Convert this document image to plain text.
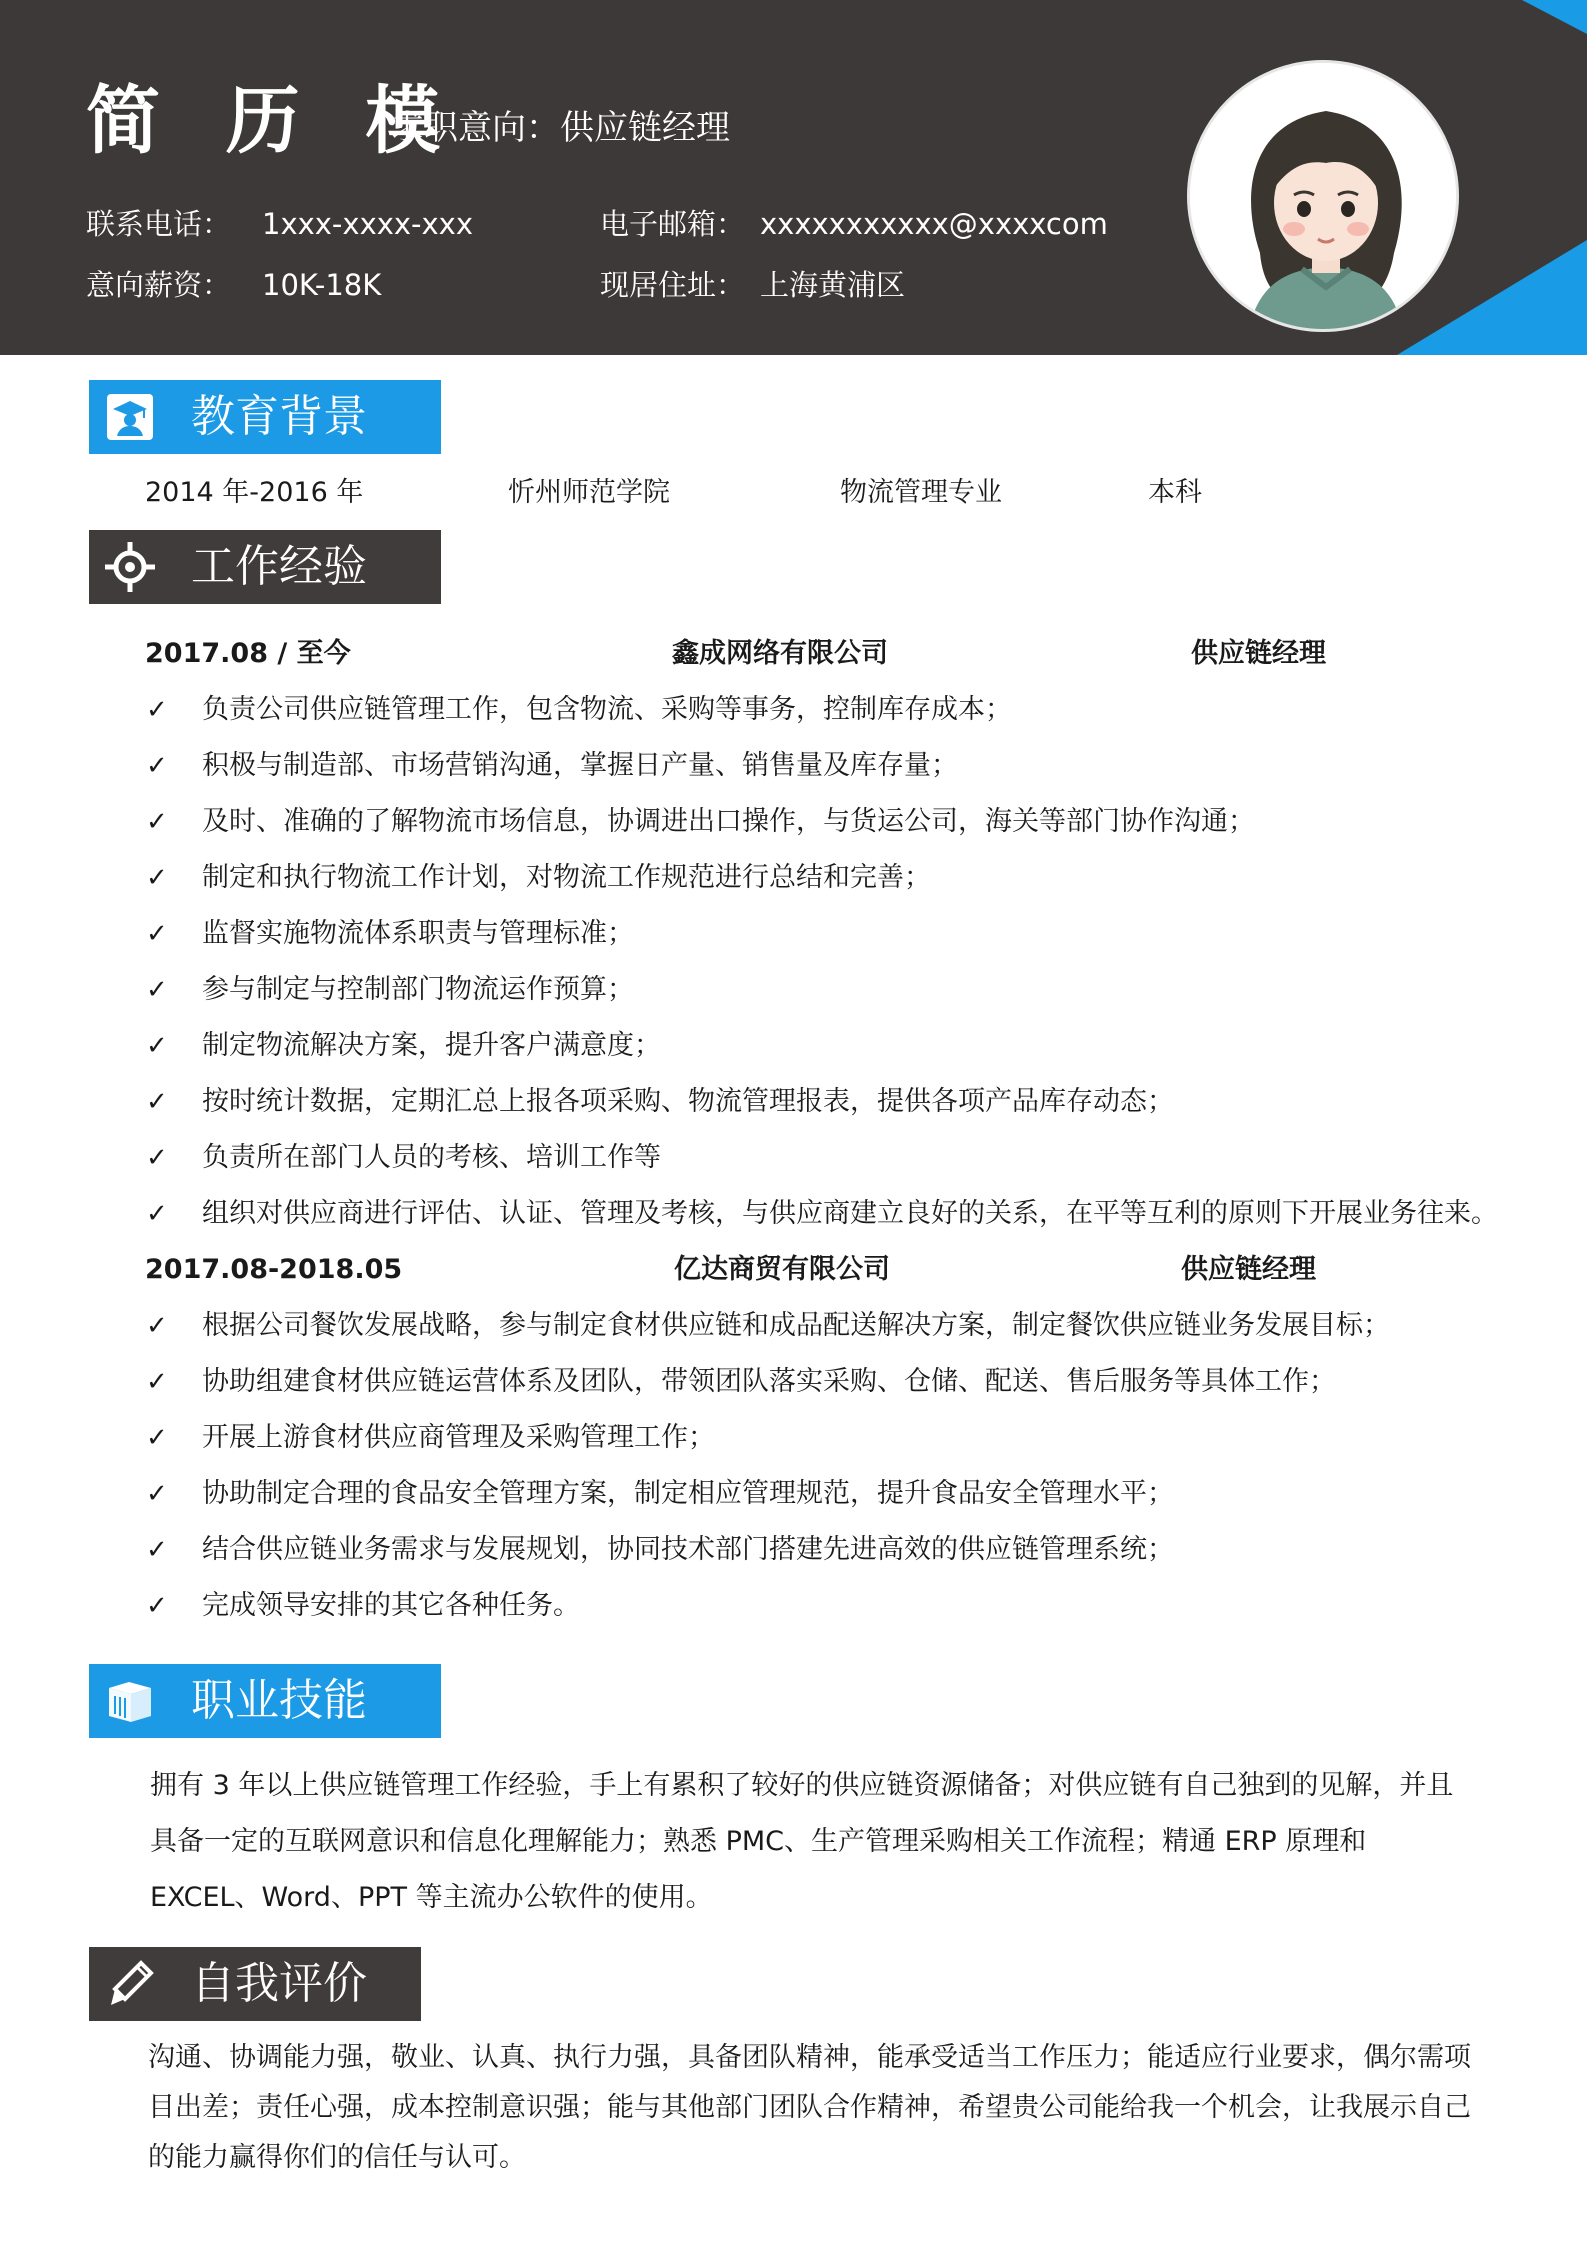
简 历 模
求职意向：供应链经理
联系电话： 1xxx-xxxx-xxx	电子邮箱： xxxxxxxxxxx@xxxxcom
意向薪资： 10K-18K	现居住址： 上海黄浦区
教育背景
2014 年-2016 年	忻州师范学院	物流管理专业	本科
工作经验
2017.08 / 至今	鑫成网络有限公司	供应链经理
✓ 负责公司供应链管理工作，包含物流、采购等事务，控制库存成本；
✓ 积极与制造部、市场营销沟通，掌握日产量、销售量及库存量；
✓ 及时、准确的了解物流市场信息，协调进出口操作，与货运公司，海关等部门协作沟通；
✓ 制定和执行物流工作计划，对物流工作规范进行总结和完善；
✓ 监督实施物流体系职责与管理标准；
✓ 参与制定与控制部门物流运作预算；
✓ 制定物流解决方案，提升客户满意度；
✓ 按时统计数据，定期汇总上报各项采购、物流管理报表，提供各项产品库存动态；
✓ 负责所在部门人员的考核、培训工作等
✓ 组织对供应商进行评估、认证、管理及考核，与供应商建立良好的关系，在平等互利的原则下开展业务往来。
2017.08-2018.05	亿达商贸有限公司	供应链经理
✓ 根据公司餐饮发展战略，参与制定食材供应链和成品配送解决方案，制定餐饮供应链业务发展目标；
✓ 协助组建食材供应链运营体系及团队，带领团队落实采购、仓储、配送、售后服务等具体工作；
✓ 开展上游食材供应商管理及采购管理工作；
✓ 协助制定合理的食品安全管理方案，制定相应管理规范，提升食品安全管理水平；
✓ 结合供应链业务需求与发展规划，协同技术部门搭建先进高效的供应链管理系统；
✓ 完成领导安排的其它各种任务。
职业技能
拥有 3 年以上供应链管理工作经验，手上有累积了较好的供应链资源储备；对供应链有自己独到的见解，并且具备一定的互联网意识和信息化理解能力；熟悉 PMC、生产管理采购相关工作流程；精通 ERP 原理和 EXCEL、Word、PPT 等主流办公软件的使用。
自我评价
沟通、协调能力强，敬业、认真、执行力强，具备团队精神，能承受适当工作压力；能适应行业要求，偶尔需项目出差；责任心强，成本控制意识强；能与其他部门团队合作精神，希望贵公司能给我一个机会，让我展示自己的能力赢得你们的信任与认可。
